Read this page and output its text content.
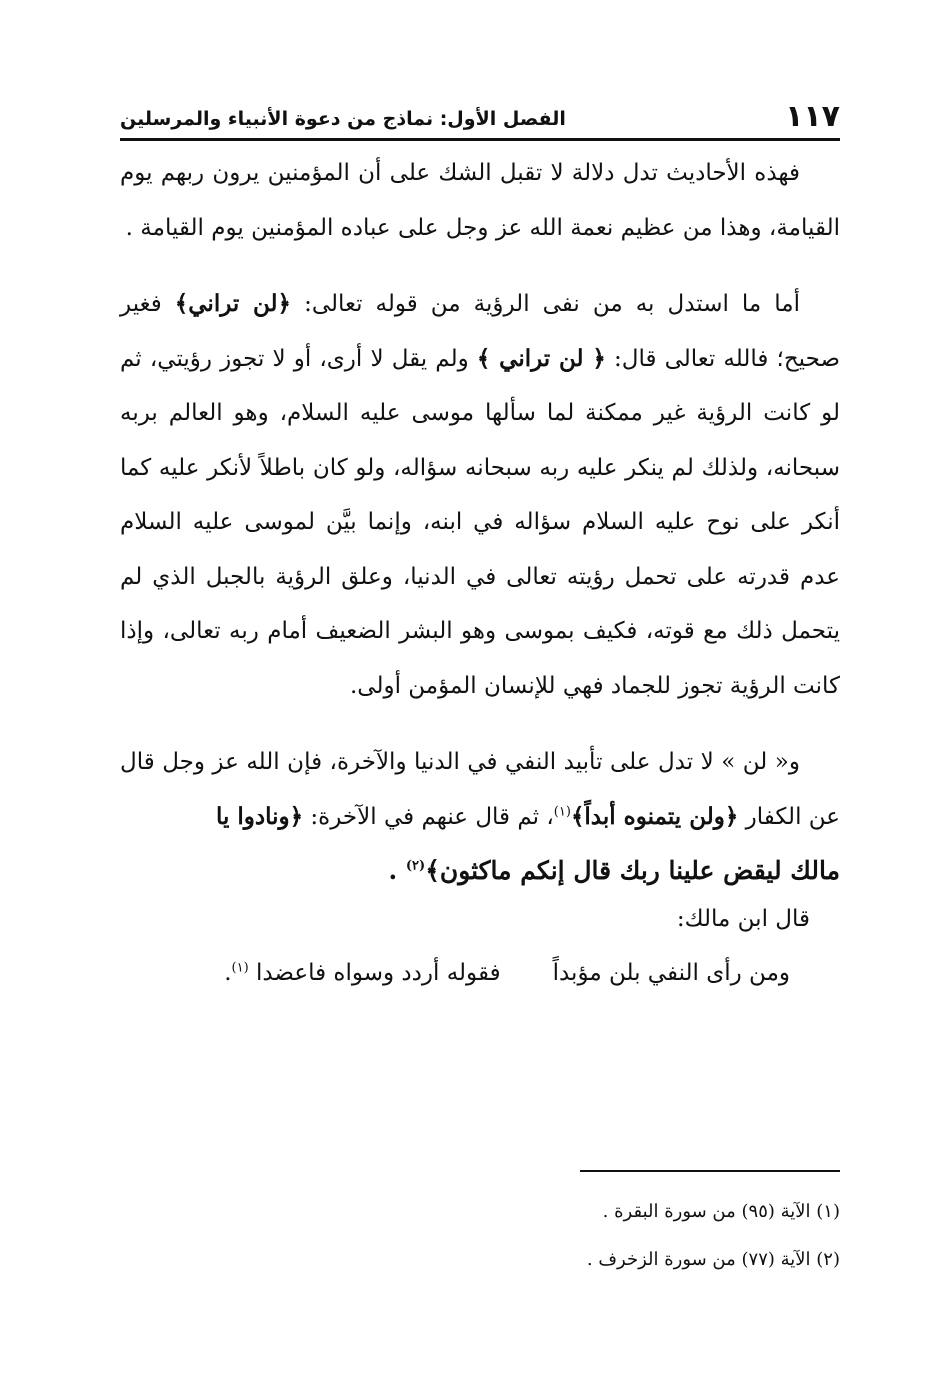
١١٧
الفصل الأول: نماذج من دعوة الأنبياء والمرسلين

فهذه الأحاديث تدل دلالة لا تقبل الشك على أن المؤمنين يرون ربهم يوم القيامة، وهذا من عظيم نعمة الله عز وجل على عباده المؤمنين يوم القيامة .

أما ما استدل به من نفى الرؤية من قوله تعالى: ﴿لن تراني﴾ فغير صحيح؛ فالله تعالى قال: ﴿ لن تراني ﴾ ولم يقل لا أرى، أو لا تجوز رؤيتي، ثم لو كانت الرؤية غير ممكنة لما سألها موسى عليه السلام، وهو العالم بربه سبحانه، ولذلك لم ينكر عليه ربه سبحانه سؤاله، ولو كان باطلاً لأنكر عليه كما أنكر على نوح عليه السلام سؤاله في ابنه، وإنما بيَّن لموسى عليه السلام عدم قدرته على تحمل رؤيته تعالى في الدنيا، وعلق الرؤية بالجبل الذي لم يتحمل ذلك مع قوته، فكيف بموسى وهو البشر الضعيف أمام ربه تعالى، وإذا كانت الرؤية تجوز للجماد فهي للإنسان المؤمن أولى.

و« لن » لا تدل على تأبيد النفي في الدنيا والآخرة، فإن الله عز وجل قال عن الكفار ﴿ولن يتمنوه أبداً﴾$^{(١)}$، ثم قال عنهم في الآخرة: ﴿ونادوا يا

مالك ليقض علينا ربك قال إنكم ماكثون﴾$^{(٢)}$ .

قال ابن مالك:

ومن رأى النفي بلن مؤبداً
فقوله أردد وسواه فاعضدا $^{(١)}$.

(١) الآية (٩٥) من سورة البقرة .

(٢) الآية (٧٧) من سورة الزخرف .
